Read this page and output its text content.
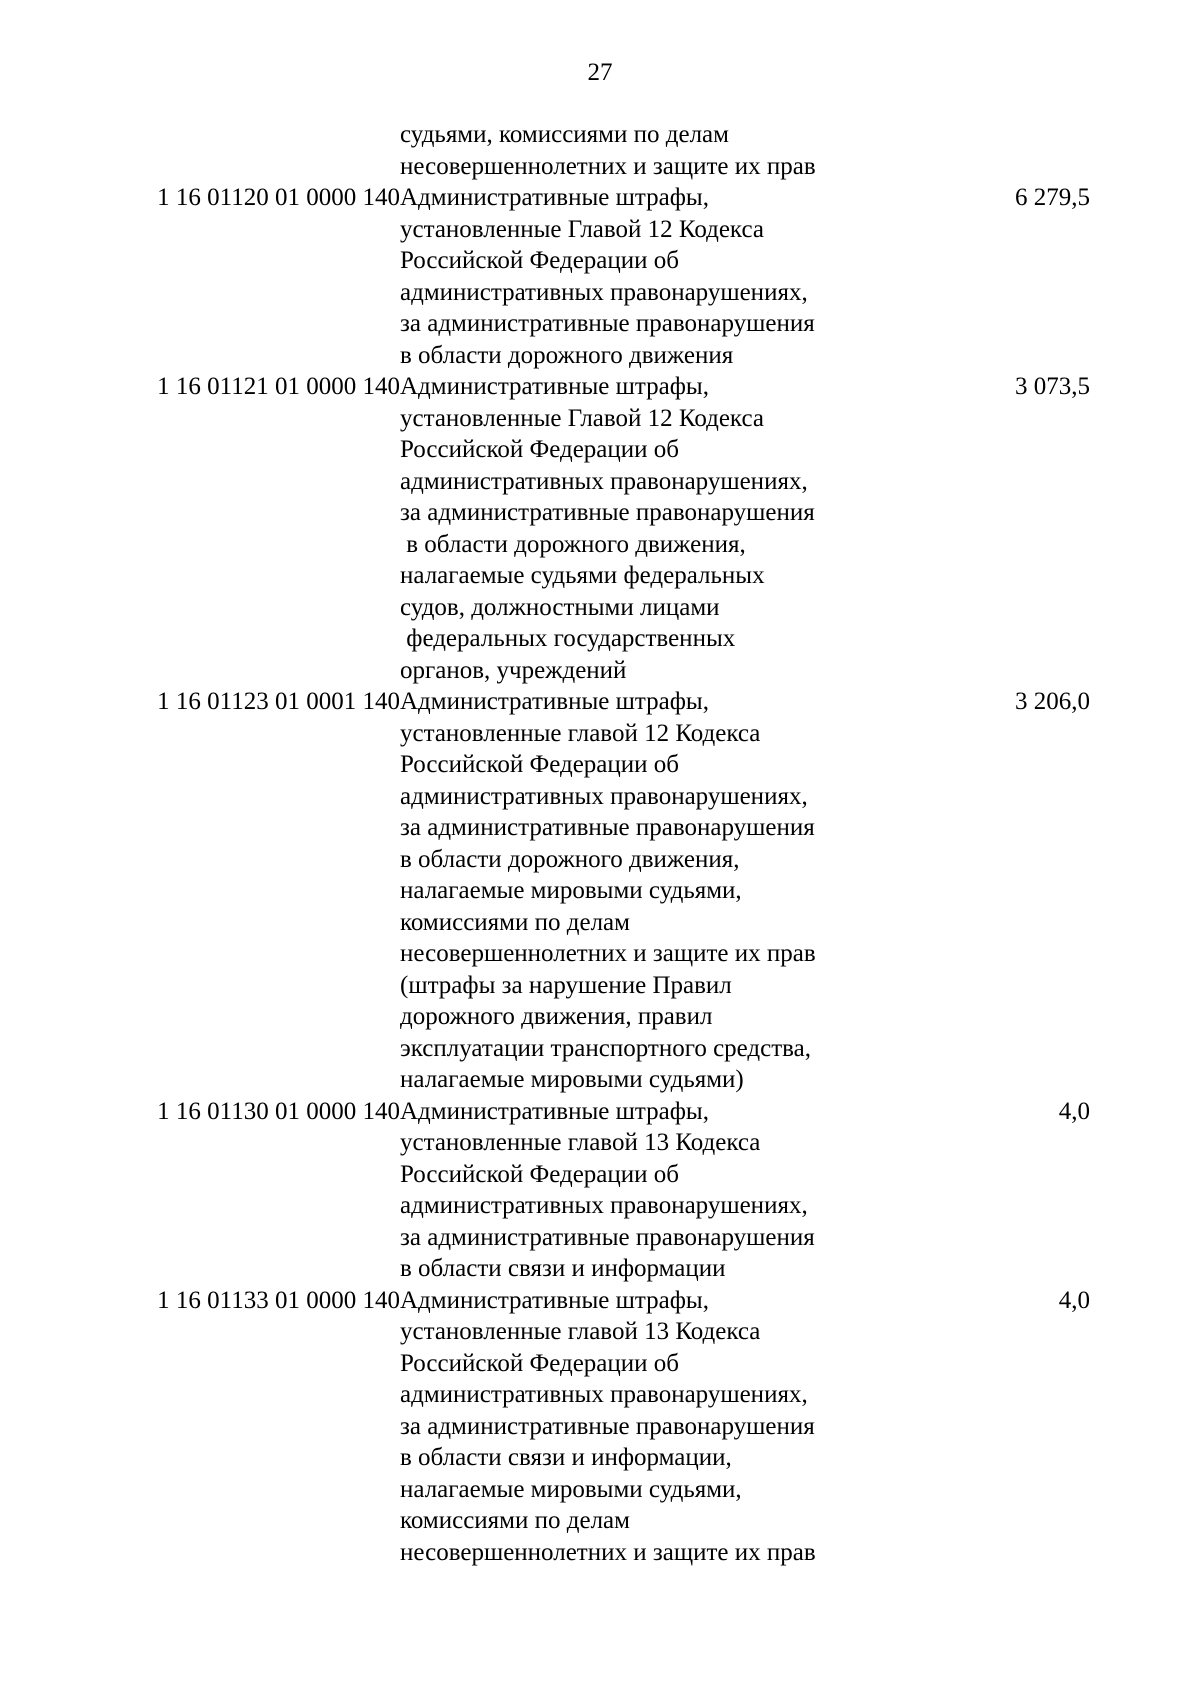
27

	судьями, комиссиями по делам
несовершеннолетних и защите их прав	

1 16 01120 01 0000 140	Административные штрафы,
установленные Главой 12 Кодекса
Российской Федерации об
административных правонарушениях,
за административные правонарушения
в области дорожного движения
	6 279,5
1 16 01121 01 0000 140	Административные штрафы,
установленные Главой 12 Кодекса
Российской Федерации об
административных правонарушениях,
за административные правонарушения
в области дорожного движения,
налагаемые судьями федеральных
судов, должностными лицами
федеральных государственных
органов, учреждений
	3 073,5
1 16 01123 01 0001 140	Административные штрафы,
установленные главой 12 Кодекса
Российской Федерации об
административных правонарушениях,
за административные правонарушения
в области дорожного движения,
налагаемые мировыми судьями,
комиссиями по делам
несовершеннолетних и защите их прав
(штрафы за нарушение Правил
дорожного движения, правил
эксплуатации транспортного средства,
налагаемые мировыми судьями)
	3 206,0
1 16 01130 01 0000 140	Административные штрафы,
установленные главой 13 Кодекса
Российской Федерации об
административных правонарушениях,
за административные правонарушения
в области связи и информации
	4,0
1 16 01133 01 0000 140	Административные штрафы,
установленные главой 13 Кодекса
Российской Федерации об
административных правонарушениях,
за административные правонарушения
в области связи и информации,
налагаемые мировыми судьями,
комиссиями по делам
несовершеннолетних и защите их прав
	4,0
